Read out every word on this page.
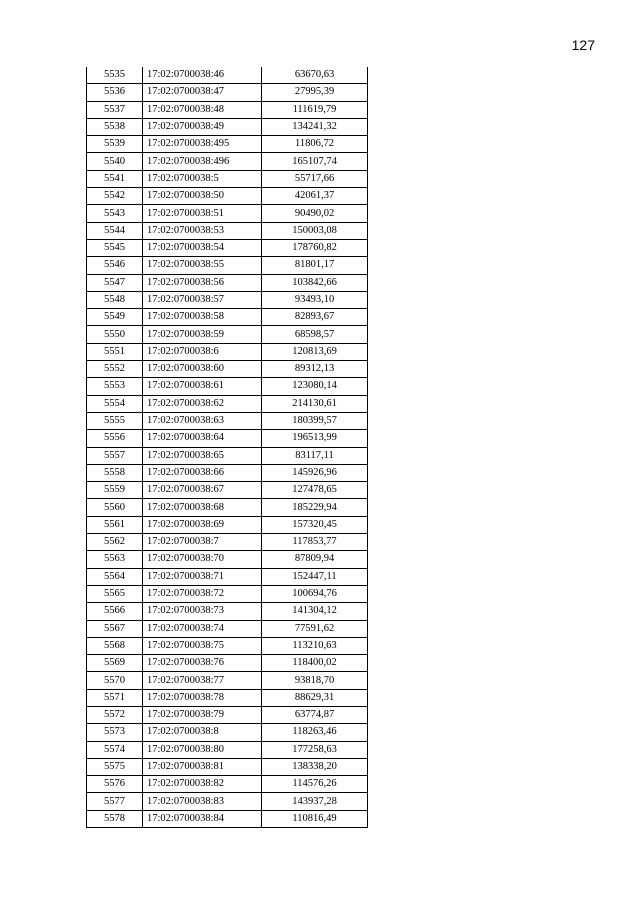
127
5535	17:02:0700038:46	63670,63
5536	17:02:0700038:47	27995,39
5537	17:02:0700038:48	111619,79
5538	17:02:0700038:49	134241,32
5539	17:02:0700038:495	11806,72
5540	17:02:0700038:496	165107,74
5541	17:02:0700038:5	55717,66
5542	17:02:0700038:50	42061,37
5543	17:02:0700038:51	90490,02
5544	17:02:0700038:53	150003,08
5545	17:02:0700038:54	178760,82
5546	17:02:0700038:55	81801,17
5547	17:02:0700038:56	103842,66
5548	17:02:0700038:57	93493,10
5549	17:02:0700038:58	82893,67
5550	17:02:0700038:59	68598,57
5551	17:02:0700038:6	120813,69
5552	17:02:0700038:60	89312,13
5553	17:02:0700038:61	123080,14
5554	17:02:0700038:62	214130,61
5555	17:02:0700038:63	180399,57
5556	17:02:0700038:64	196513,99
5557	17:02:0700038:65	83117,11
5558	17:02:0700038:66	145926,96
5559	17:02:0700038:67	127478,65
5560	17:02:0700038:68	185229,94
5561	17:02:0700038:69	157320,45
5562	17:02:0700038:7	117853,77
5563	17:02:0700038:70	87809,94
5564	17:02:0700038:71	152447,11
5565	17:02:0700038:72	100694,76
5566	17:02:0700038:73	141304,12
5567	17:02:0700038:74	77591,62
5568	17:02:0700038:75	113210,63
5569	17:02:0700038:76	118400,02
5570	17:02:0700038:77	93818,70
5571	17:02:0700038:78	88629,31
5572	17:02:0700038:79	63774,87
5573	17:02:0700038:8	118263,46
5574	17:02:0700038:80	177258,63
5575	17:02:0700038:81	138338,20
5576	17:02:0700038:82	114576,26
5577	17:02:0700038:83	143937,28
5578	17:02:0700038:84	110816,49
